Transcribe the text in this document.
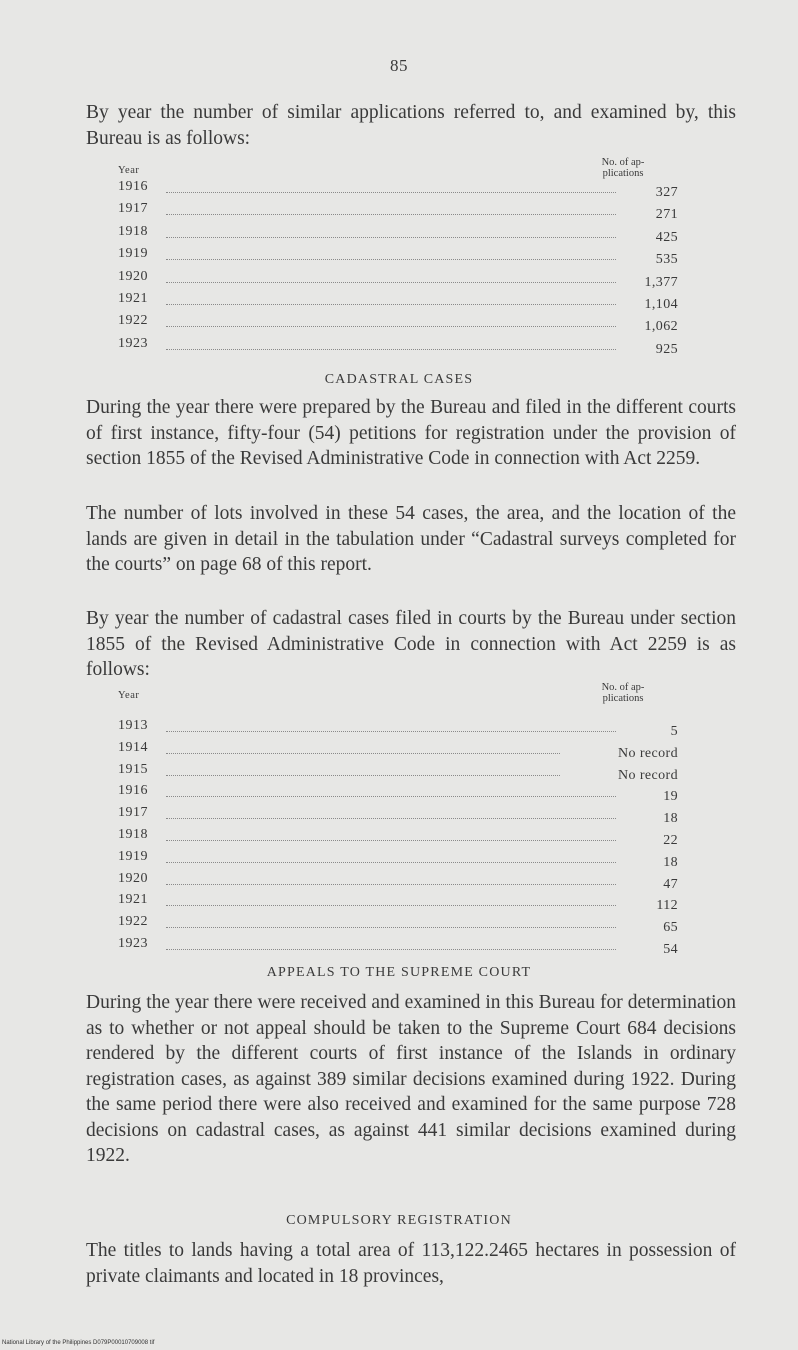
85
By year the number of similar applications referred to, and examined by, this Bureau is as follows:
Year
No. of ap-
plications
1916	327
1917	271
1918	425
1919	535
1920	1,377
1921	1,104
1922	1,062
1923	925
CADASTRAL CASES
During the year there were prepared by the Bureau and filed in the different courts of first instance, fifty-four (54) petitions for registration under the provision of section 1855 of the Revised Administrative Code in connection with Act 2259.
The number of lots involved in these 54 cases, the area, and the location of the lands are given in detail in the tabulation under “Cadastral surveys completed for the courts” on page 68 of this report.
By year the number of cadastral cases filed in courts by the Bureau under section 1855 of the Revised Administrative Code in connection with Act 2259 is as follows:
Year
No. of ap-
plications
1913	5
1914	No record
1915	No record
1916	19
1917	18
1918	22
1919	18
1920	47
1921	112
1922	65
1923	54
APPEALS TO THE SUPREME COURT
During the year there were received and examined in this Bureau for determination as to whether or not appeal should be taken to the Supreme Court 684 decisions rendered by the different courts of first instance of the Islands in ordinary registration cases, as against 389 similar decisions examined during 1922. During the same period there were also received and examined for the same purpose 728 decisions on cadastral cases, as against 441 similar decisions examined during 1922.
COMPULSORY REGISTRATION
The titles to lands having a total area of 113,122.2465 hectares in possession of private claimants and located in 18 provinces,
National Library of the Philippines D079P00010709008 tif
